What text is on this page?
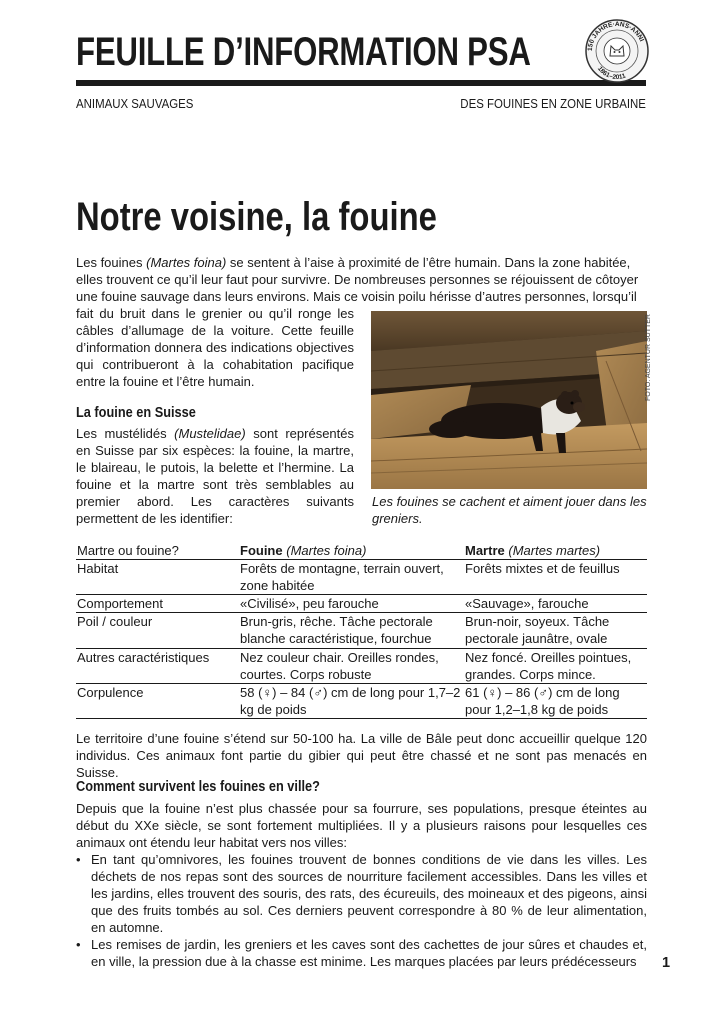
FEUILLE D’INFORMATION PSA	150 JAHRE·ANS·ANNI
1861–2011
ANIMAUX SAUVAGES	DES FOUINES EN ZONE URBAINE
Notre voisine, la fouine
Les fouines (Martes foina) se sentent à l’aise à proximité de l’être humain. Dans la zone habitée,
elles trouvent ce qu’il leur faut pour survivre. De nombreuses personnes se réjouissent de côtoyer
une fouine sauvage dans leurs environs. Mais ce voisin poilu hérisse d’autres personnes, lorsqu’il
fait du bruit dans le grenier ou qu’il ronge les câbles d’allumage de la voiture. Cette feuille d’information donnera des indications objectives qui contribueront à la cohabitation pacifique entre la fouine et l’être humain.
La fouine en Suisse
Les mustélidés (Mustelidae) sont représentés en Suisse par six espèces: la fouine, la martre, le blaireau, le putois, la belette et l’hermine. La fouine et la martre sont très semblables au premier abord. Les caractères suivants permettent de les identifier:
FOTO: AGENTUR SUTTER
Les fouines se cachent et aiment jouer dans les greniers.
Martre ou fouine?	Fouine (Martes foina)	Martre (Martes martes)
Habitat	Forêts de montagne, terrain ouvert, zone habitée	Forêts mixtes et de feuillus
Comportement	«Civilisé», peu farouche	«Sauvage», farouche
Poil / couleur	Brun-gris, rêche. Tâche pectorale blanche caractéristique, fourchue	Brun-noir, soyeux. Tâche pectorale jaunâtre, ovale
Autres caractéristiques	Nez couleur chair. Oreilles rondes, courtes. Corps robuste	Nez foncé. Oreilles pointues, grandes. Corps mince.
Corpulence	58 (♀) – 84 (♂) cm de long pour 1,7–2 kg de poids	61 (♀) – 86 (♂) cm de long pour 1,2–1,8 kg de poids
Le territoire d’une fouine s’étend sur 50-100 ha. La ville de Bâle peut donc accueillir quelque 120 individus. Ces animaux font partie du gibier qui peut être chassé et ne sont pas menacés en Suisse.
Comment survivent les fouines en ville?
Depuis que la fouine n’est plus chassée pour sa fourrure, ses populations, presque éteintes au début du XXe siècle, se sont fortement multipliées. Il y a plusieurs raisons pour lesquelles ces animaux ont étendu leur habitat vers nos villes:
• En tant qu’omnivores, les fouines trouvent de bonnes conditions de vie dans les villes. Les déchets de nos repas sont des sources de nourriture facilement accessibles. Dans les villes et les jardins, elles trouvent des souris, des rats, des écureuils, des moineaux et des pigeons, ainsi que des fruits tombés au sol. Ces derniers peuvent correspondre à 80 % de leur alimentation, en automne.
• Les remises de jardin, les greniers et les caves sont des cachettes de jour sûres et chaudes et, en ville, la pression due à la chasse est minime. Les marques placées par leurs prédécesseurs	1
